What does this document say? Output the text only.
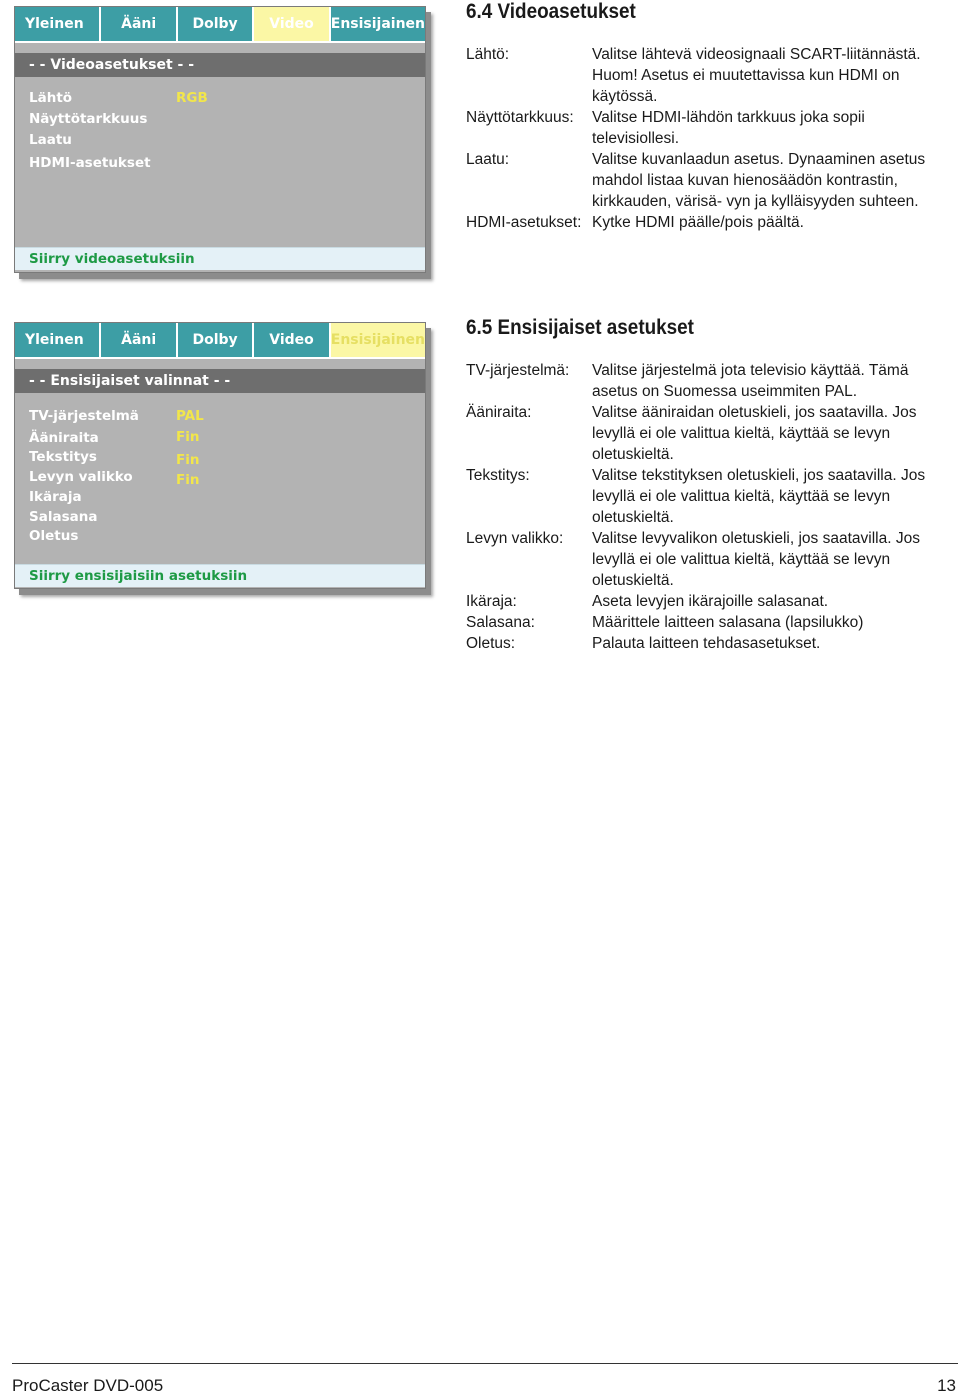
Yleinen	Ääni	Dolby	Video	Ensisijainen
- - Videoasetukset - -
Lähtö	RGB
Näyttötarkkuus
Laatu
HDMI-asetukset
Siirry videoasetuksiin
Yleinen	Ääni	Dolby	Video	Ensisijainen
- - Ensisijaiset valinnat - -
TV-järjestelmä	PAL
Ääniraita	Fin
Tekstitys	Fin
Levyn valikko	Fin
Ikäraja
Salasana
Oletus
Siirry ensisijaisiin asetuksiin
6.4 Videoasetukset
Lähtö:	Valitse lähtevä videosignaali SCART-liitännästä. Huom! Asetus ei muutettavissa kun HDMI on käytössä.
Näyttötarkkuus:	Valitse HDMI-lähdön tarkkuus joka sopii televisiollesi.
Laatu:	Valitse kuvanlaadun asetus. Dynaaminen asetus mahdol listaa kuvan hienosäädön kontrastin, kirkkauden, värisä- vyn ja kylläisyyden suhteen.
HDMI-asetukset: Kytke HDMI päälle/pois päältä.
6.5 Ensisijaiset asetukset
TV-järjestelmä:	Valitse järjestelmä jota televisio käyttää. Tämä asetus on Suomessa useimmiten PAL.
Ääniraita:	Valitse ääniraidan oletuskieli, jos saatavilla. Jos levyllä ei ole valittua kieltä, käyttää se levyn oletuskieltä.
Tekstitys:	Valitse tekstityksen oletuskieli, jos saatavilla. Jos levyllä ei ole valittua kieltä, käyttää se levyn oletuskieltä.
Levyn valikko:	Valitse levyvalikon oletuskieli, jos saatavilla. Jos levyllä ei ole valittua kieltä, käyttää se levyn oletuskieltä.
Ikäraja:	Aseta levyjen ikärajoille salasanat.
Salasana:	Määrittele laitteen salasana (lapsilukko)
Oletus:	Palauta laitteen tehdasasetukset.
ProCaster DVD-005	13
